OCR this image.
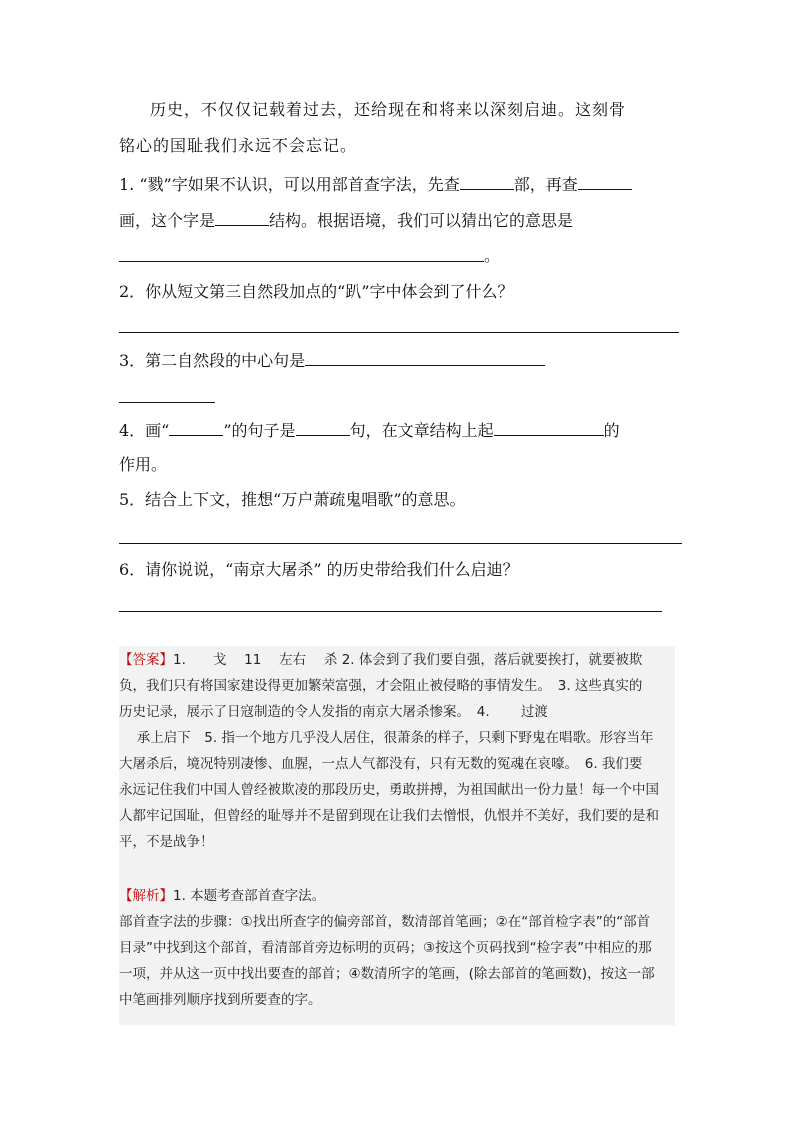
历史，不仅仅记载着过去，还给现在和将来以深刻启迪。这刻骨
铭心的国耻我们永远不会忘记。
1. “戮”字如果不认识，可以用部首查字法，先查	部，再查
画，这个字是	结构。根据语境，我们可以猜出它的意思是
。
2．你从短文第三自然段加点的“趴”字中体会到了什么？
3．第二自然段的中心句是
4．画“	”的句子是	句，在文章结构上起	的
作用。
5．结合上下文，推想“万户萧疏鬼唱歌”的意思。
6．请你说说，“南京大屠杀” 的历史带给我们什么启迪？
【答案】1.　　戈　 11　 左右　 杀 2. 体会到了我们要自强，落后就要挨打，就要被欺
负，我们只有将国家建设得更加繁荣富强，才会阻止被侵略的事情发生。　3. 这些真实的
历史记录，展示了日寇制造的令人发指的南京大屠杀惨案。　4.　　 过渡
　 承上启下　5. 指一个地方几乎没人居住，很萧条的样子，只剩下野鬼在唱歌。形容当年
大屠杀后，境况特别凄惨、血腥，一点人气都没有，只有无数的冤魂在哀嚎。　6. 我们要
永远记住我们中国人曾经被欺凌的那段历史，勇敢拼搏，为祖国献出一份力量！每一个中国
人都牢记国耻，但曾经的耻辱并不是留到现在让我们去憎恨，仇恨并不美好，我们要的是和
平，不是战争！
【解析】1. 本题考查部首查字法。
部首查字法的步骤：①找出所查字的偏旁部首，数清部首笔画；②在“部首检字表”的“部首
目录”中找到这个部首，看清部首旁边标明的页码；③按这个页码找到“检字表”中相应的那
一项，并从这一页中找出要查的部首；④数清所字的笔画，(除去部首的笔画数)，按这一部
中笔画排列顺序找到所要查的字。
